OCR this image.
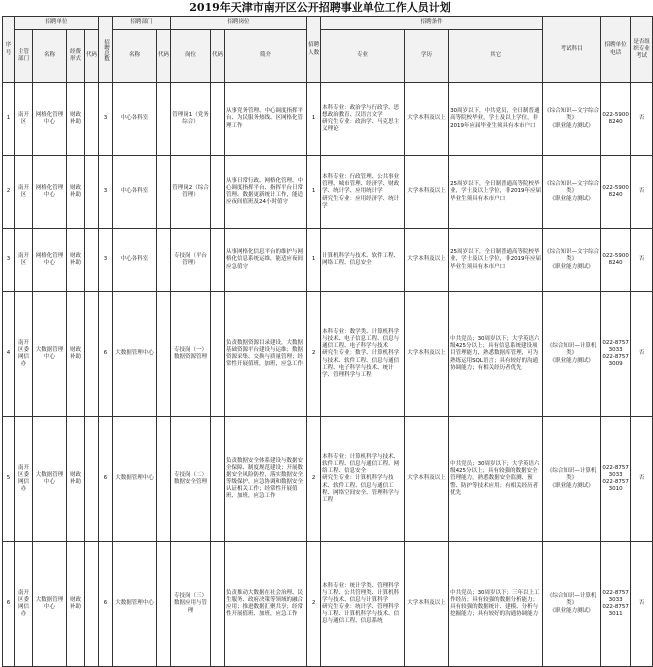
2019年天津市南开区公开招聘事业单位工作人员计划
序号	招聘单位				招聘总数	招聘部门		招聘岗位			招聘人数	招聘条件			考试科目	招聘单位电话	是否组织专业考试
	主管部门	名称	经费形式	代码		名称	代码	岗位	代码	简介		专业	学历	其它			
1	南开区	网格化管理中心	财政补助		3	中心各科室		管理岗1（党务综合）		从事党务管理、中心调度指挥平台、为民服务热线、区网格化管理工作	1	本科专业：政治学与行政学、思想政治教育、汉语言文学
研究生专业：政治学、马克思主义理论	大学本科及以上	30周岁以下，中共党员，全日制普通高等院校毕业，学士及以上学位，非2019年应届毕业生须具有本市户口	《综合知识—文字综合类》
《职业能力测试》	022-59008240	否
2	南开区	网格化管理中心	财政补助		3	中心各科室		管理岗2（综合管理）		从事日常行政、网格化管理、中心调度指挥平台、指挥平台日常管理、数据更新统计工作，能适应夜间值班及24小时值守	1	本科专业：行政管理、公共事业管理、城市管理、经济学、财政学、统计学、应用统计学
研究生专业：应用经济学、统计学	大学本科及以上	25周岁以下，全日制普通高等院校毕业，学士及以上学位，非2019年应届毕业生须具有本市户口	《综合知识—文字综合类》
《职业能力测试》	022-59008240	否
3	南开区	网格化管理中心	财政补助		3	中心各科室		专技岗（平台管理）		从事网格化信息平台的维护与网格化信息系统运维，能适应夜间应急值守	1	计算机科学与技术、软件工程、网络工程、信息安全	大学本科及以上	25周岁以下，全日制普通高等院校毕业，学士及以上学位，非2019年应届毕业生须具有本市户口	《综合知识—文字综合类》
《职业能力测试》	022-59008240	否
4	南开区委网信办	大数据管理中心	财政补助		6	大数据管理中心		专技岗（一）数据资源管理		负责数据资源目录建设，大数据基础资源平台建设与运维；数据资源采集、交换与质量管理；经常性开展值班，加班，应急工作	2	本科专业：数学类、计算机科学与技术、电子信息工程、信息与通信工程、电子科学与技术
研究生专业：数学、计算机科学与技术、软件工程、信息与通信工程、电子科学与技术、统计学、管理科学与工程	大学本科及以上	中共党员；30周岁以下；大学英语六级425分以上；具有信息系统建设项目管理能力，熟悉数据库管理，可为熟练运用SQL语言；具有较好的沟通协调能力；有相关经历者优先	《综合知识—计算机类》
《职业能力测试》	022-87573033
022-87573009	否
5	南开区委网信办	大数据管理中心	财政补助		6	大数据管理中心		专技岗（二）数据安全管理		负责数据安全体系建设与数据安全保障、制度规范建设；开展数据安全风险防控，落实数据安全等级保护，应急协调和数据安全认证相关工作；经常性开展值班、加班，应急工作	2	本科专业：计算机科学与技术、软件工程、信息与通信工程、网络工程、信息安全
研究生专业：计算机科学与技术、软件工程、信息与通信工程、网络空间安全、管理科学与工程	大学本科及以上	中共党员；30周岁以下；大学英语六级425分以上；具有较强的数据安全管理能力，熟悉数据安全监测、预警、防护等技术应用；有相关经历者优先	《综合知识—计算机类》
《职业能力测试》	022-87573033
022-87573010	否
6	南开区委网信办	大数据管理中心	财政补助		6	大数据管理中心		专技岗（三）数据应用与管理		负责推动大数据在社会治理、民生服务、政府决策等领域的融合应用；推进数据汇聚共享；经常性开展值班、加班，应急工作	2	本科专业：统计学类、管理科学与工程、公共管理类、计算机科学与技术、信息与计算科学
研究生专业：统计学、管理科学与工程、计算机科学与技术、信息与通信工程、信息系统	大学本科及以上	中共党员；30周岁以下；三年以上工作经历；具有较强的数据分析能力；具有较强的数据统计、建模、分析与挖掘能力；具有较好的沟通协调能力	《综合知识—计算机类》
《职业能力测试》	022-87573033
022-87573011	否
